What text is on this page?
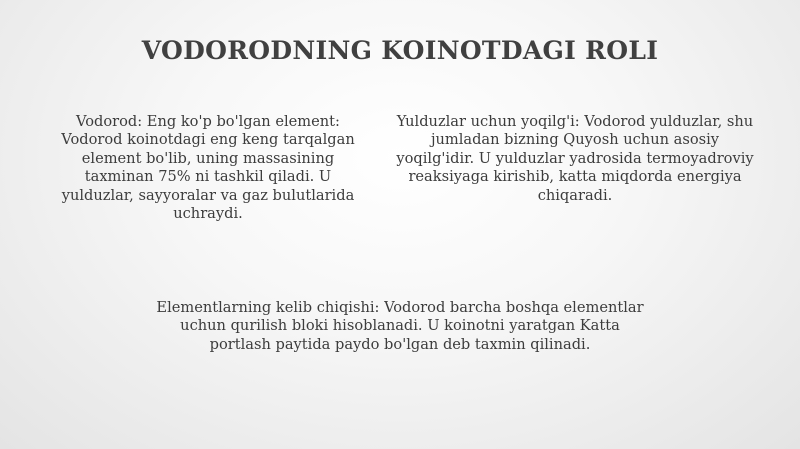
VODORODNING KOINOTDAGI ROLI

Vodorod: Eng ko'p bo'lgan element: Vodorod koinotdagi eng keng tarqalgan element bo'lib, uning massasining taxminan 75% ni tashkil qiladi. U yulduzlar, sayyoralar va gaz bulutlarida uchraydi.

Yulduzlar uchun yoqilg'i: Vodorod yulduzlar, shu jumladan bizning Quyosh uchun asosiy yoqilg'idir. U yulduzlar yadrosida termoyadroviy reaksiyaga kirishib, katta miqdorda energiya chiqaradi.

Elementlarning kelib chiqishi: Vodorod barcha boshqa elementlar uchun qurilish bloki hisoblanadi. U koinotni yaratgan Katta portlash paytida paydo bo'lgan deb taxmin qilinadi.
